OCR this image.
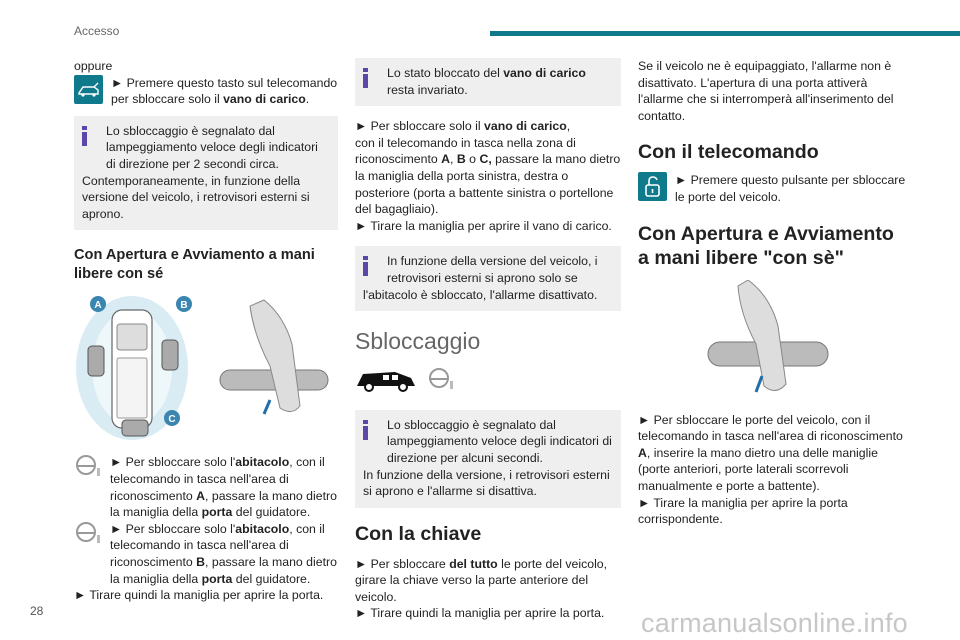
Accesso

oppure

► Premere questo tasto sul telecomando per sbloccare solo il vano di carico.

Lo sbloccaggio è segnalato dal lampeggiamento veloce degli indicatori di direzione per 2 secondi circa.
Contemporaneamente, in funzione della versione del veicolo, i retrovisori esterni si aprono.
Con Apertura e Avviamento a mani libere con sé
A	B
C

► Per sbloccare solo l'abitacolo, con il telecomando in tasca nell'area di riconoscimento A, passare la mano dietro la maniglia della porta del guidatore.

► Per sbloccare solo l'abitacolo, con il telecomando in tasca nell'area di riconoscimento B, passare la mano dietro la maniglia della porta del guidatore.

► Tirare quindi la maniglia per aprire la porta.

Lo stato bloccato del vano di carico resta invariato.

► Per sbloccare solo il vano di carico,
con il telecomando in tasca nella zona di riconoscimento A, B o C, passare la mano dietro la maniglia della porta sinistra, destra o posteriore (porta a battente sinistra o portellone del bagagliaio).

► Tirare la maniglia per aprire il vano di carico.

In funzione della versione del veicolo, i retrovisori esterni si aprono solo se
l'abitacolo è sbloccato, l'allarme disattivato.
Sbloccaggio
Lo sbloccaggio è segnalato dal lampeggiamento veloce degli indicatori di direzione per alcuni secondi.
In funzione della versione, i retrovisori esterni si aprono e l'allarme si disattiva.
Con la chiave

► Per sbloccare del tutto le porte del veicolo, girare la chiave verso la parte anteriore del veicolo.

► Tirare quindi la maniglia per aprire la porta.

Se il veicolo ne è equipaggiato, l'allarme non è disattivato. L'apertura di una porta attiverà l'allarme che si interromperà all'inserimento del contatto.

Con il telecomando

► Premere questo pulsante per sbloccare le porte del veicolo.

Con Apertura e Avviamento a mani libere "con sè"

► Per sbloccare le porte del veicolo, con il telecomando in tasca nell'area di riconoscimento A, inserire la mano dietro una delle maniglie (porte anteriori, porte laterali scorrevoli manualmente e porte a battente).

► Tirare la maniglia per aprire la porta corrispondente.

28	carmanualsonline.info
